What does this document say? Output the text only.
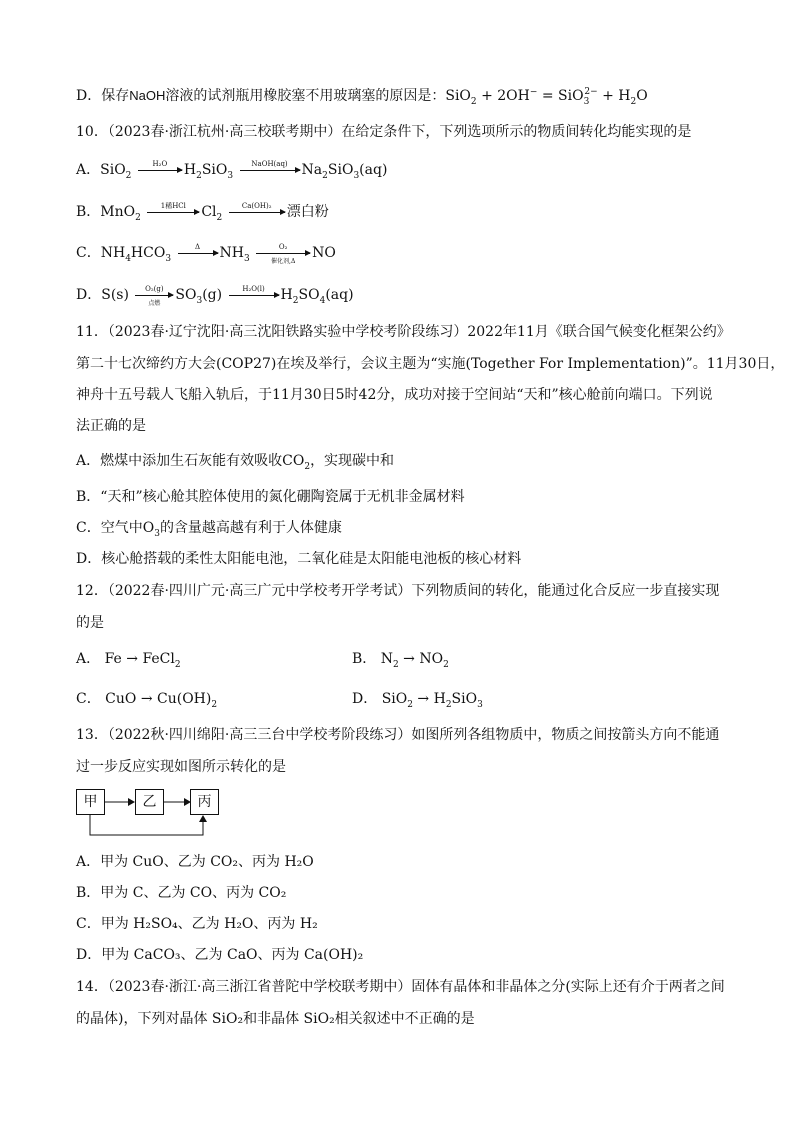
D．保存NaOH溶液的试剂瓶用橡胶塞不用玻璃塞的原因是：$SiO_2 + 2OH^- = SiO_3^{2-} + H_2O$
10．（2023春·浙江杭州·高三校联考期中）在给定条件下，下列选项所示的物质间转化均能实现的是
A．SiO$_2$
H₂O	$H_2SiO_3$
NaOH(aq) $Na_2SiO_3(aq)$
B．MnO$_2$
1稀HCl	$Cl_2$
Ca(OH)₂	漂白粉
C．$NH_4HCO_3$
Δ	$NH_3$
O₂
催化剂,Δ	NO
D．S(s)	O₂(g)
点燃	$SO_3(g)$	H₂O(l)	$H_2SO_4(aq)$
11．（2023春·辽宁沈阳·高三沈阳铁路实验中学校考阶段练习）2022年11月《联合国气候变化框架公约》
第二十七次缔约方大会(COP27)在埃及举行，会议主题为“实施(Together For Implementation)”。11月30日，
神舟十五号载人飞船入轨后，于11月30日5时42分，成功对接于空间站“天和”核心舱前向端口。下列说
法正确的是
A．燃煤中添加生石灰能有效吸收$CO_2$，实现碳中和
B．“天和”核心舱其腔体使用的氮化硼陶瓷属于无机非金属材料
C．空气中$O_3$的含量越高越有利于人体健康
D．核心舱搭载的柔性太阳能电池，二氧化硅是太阳能电池板的核心材料
12．（2022春·四川广元·高三广元中学校考开学考试）下列物质间的转化，能通过化合反应一步直接实现
的是
A． Fe → FeCl$_2$	B． $N_2 \to NO_2$
C． CuO → $Cu(OH)_2$	D． $SiO_2 \to H_2SiO_3$
13．（2022秋·四川绵阳·高三三台中学校考阶段练习）如图所列各组物质中，物质之间按箭头方向不能通
过一步反应实现如图所示转化的是
甲	乙	丙
A．甲为 CuO、乙为 CO₂、丙为 H₂O
B．甲为 C、乙为 CO、丙为 CO₂
C．甲为 H₂SO₄、乙为 H₂O、丙为 H₂
D．甲为 CaCO₃、乙为 CaO、丙为 Ca(OH)₂
14．（2023春·浙江·高三浙江省普陀中学校联考期中）固体有晶体和非晶体之分(实际上还有介于两者之间
的晶体)，下列对晶体 SiO₂和非晶体 SiO₂相关叙述中不正确的是
